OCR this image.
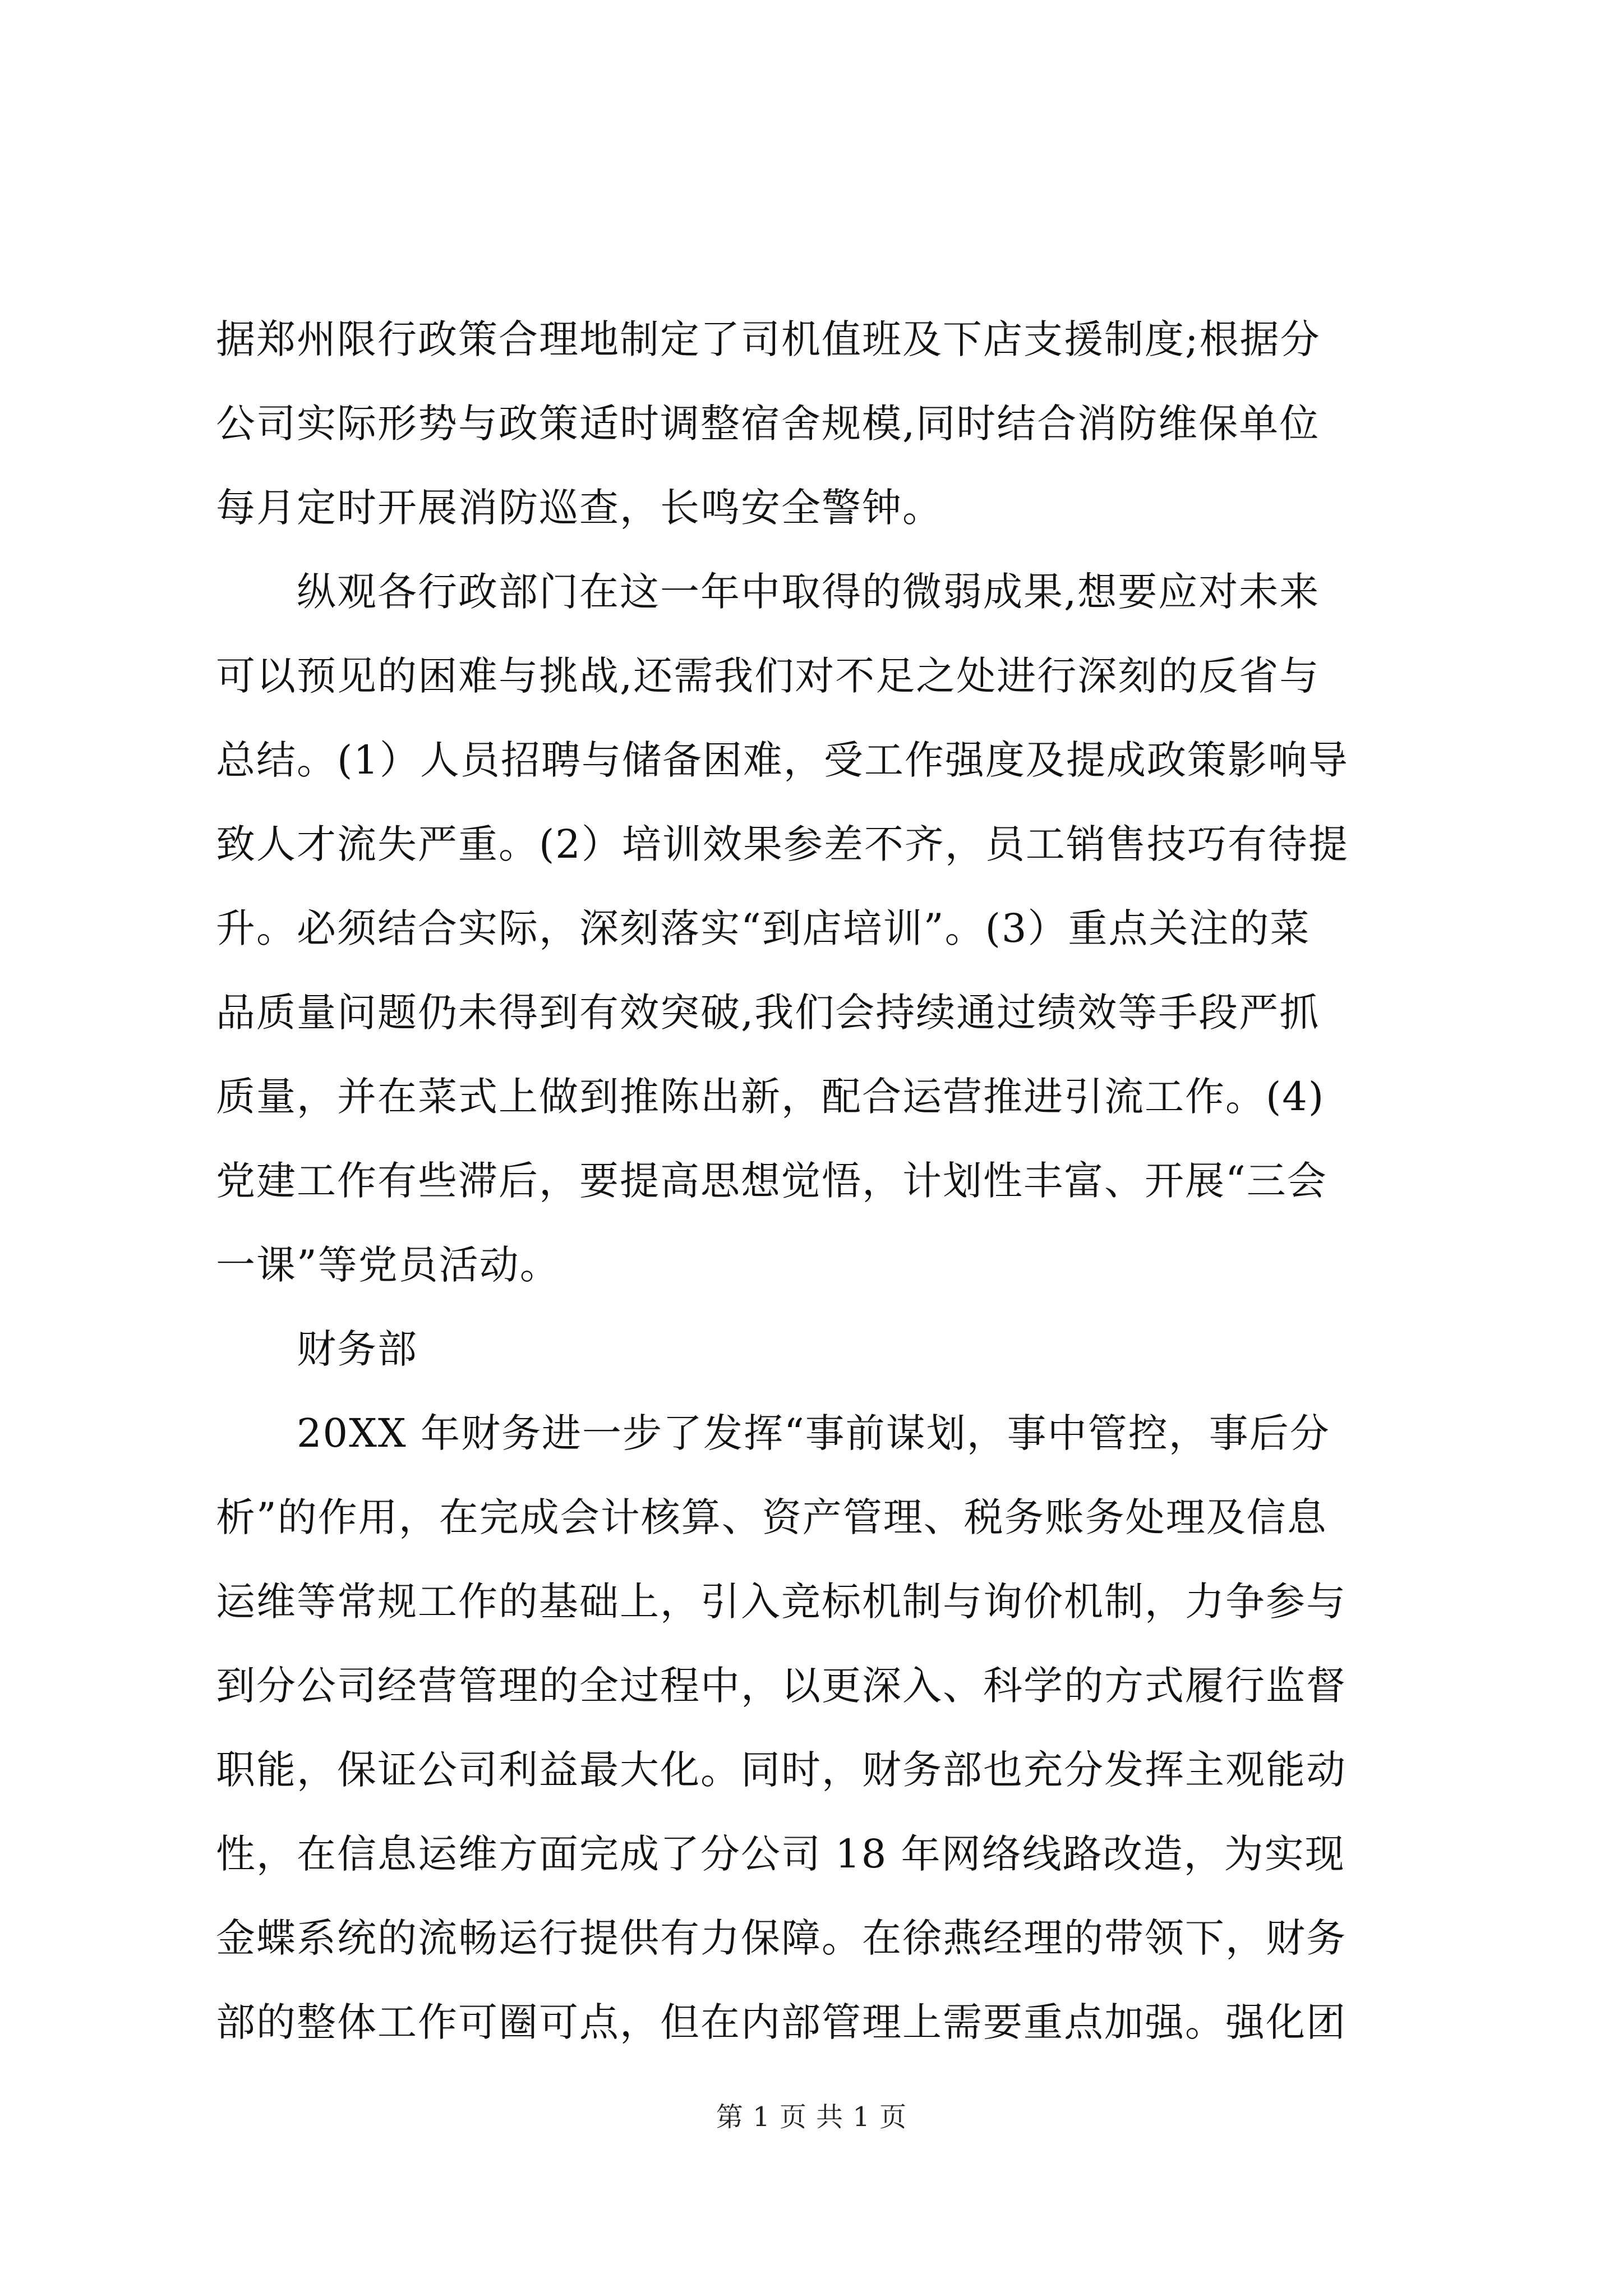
据郑州限行政策合理地制定了司机值班及下店支援制度;根据分
公司实际形势与政策适时调整宿舍规模,同时结合消防维保单位
每月定时开展消防巡查，长鸣安全警钟。
　　纵观各行政部门在这一年中取得的微弱成果,想要应对未来
可以预见的困难与挑战,还需我们对不足之处进行深刻的反省与
总结。(1）人员招聘与储备困难，受工作强度及提成政策影响导
致人才流失严重。(2）培训效果参差不齐，员工销售技巧有待提
升。必须结合实际，深刻落实“到店培训”。(3）重点关注的菜
品质量问题仍未得到有效突破,我们会持续通过绩效等手段严抓
质量，并在菜式上做到推陈出新，配合运营推进引流工作。(4)
党建工作有些滞后，要提高思想觉悟，计划性丰富、开展“三会
一课”等党员活动。
　　财务部
　　20XX 年财务进一步了发挥“事前谋划，事中管控，事后分
析”的作用，在完成会计核算、资产管理、税务账务处理及信息
运维等常规工作的基础上，引入竞标机制与询价机制，力争参与
到分公司经营管理的全过程中，以更深入、科学的方式履行监督
职能，保证公司利益最大化。同时，财务部也充分发挥主观能动
性，在信息运维方面完成了分公司 18 年网络线路改造，为实现
金蝶系统的流畅运行提供有力保障。在徐燕经理的带领下，财务
部的整体工作可圈可点，但在内部管理上需要重点加强。强化团
第 1 页 共 1 页
